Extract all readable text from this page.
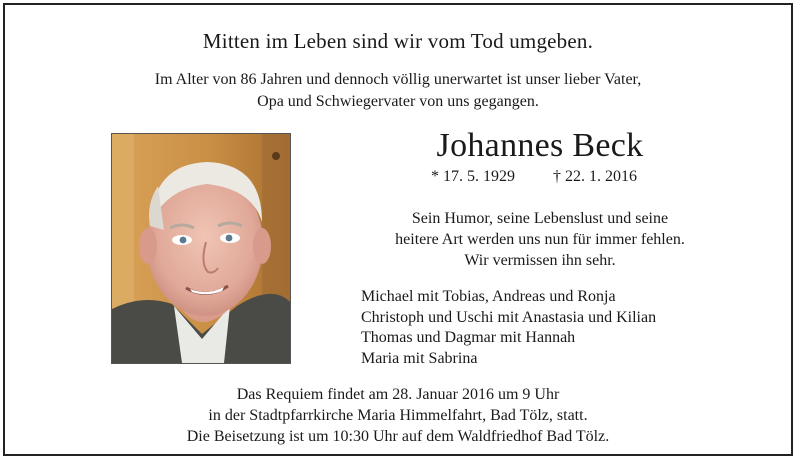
Mitten im Leben sind wir vom Tod umgeben.
Im Alter von 86 Jahren und dennoch völlig unerwartet ist unser lieber Vater,
Opa und Schwiegervater von uns gegangen.
Johannes Beck
* 17. 5. 1929 † 22. 1. 2016
Sein Humor, seine Lebenslust und seine
heitere Art werden uns nun für immer fehlen.
Wir vermissen ihn sehr.
Michael mit Tobias, Andreas und Ronja
Christoph und Uschi mit Anastasia und Kilian
Thomas und Dagmar mit Hannah
Maria mit Sabrina
Das Requiem findet am 28. Januar 2016 um 9 Uhr
in der Stadtpfarrkirche Maria Himmelfahrt, Bad Tölz, statt.
Die Beisetzung ist um 10:30 Uhr auf dem Waldfriedhof Bad Tölz.
